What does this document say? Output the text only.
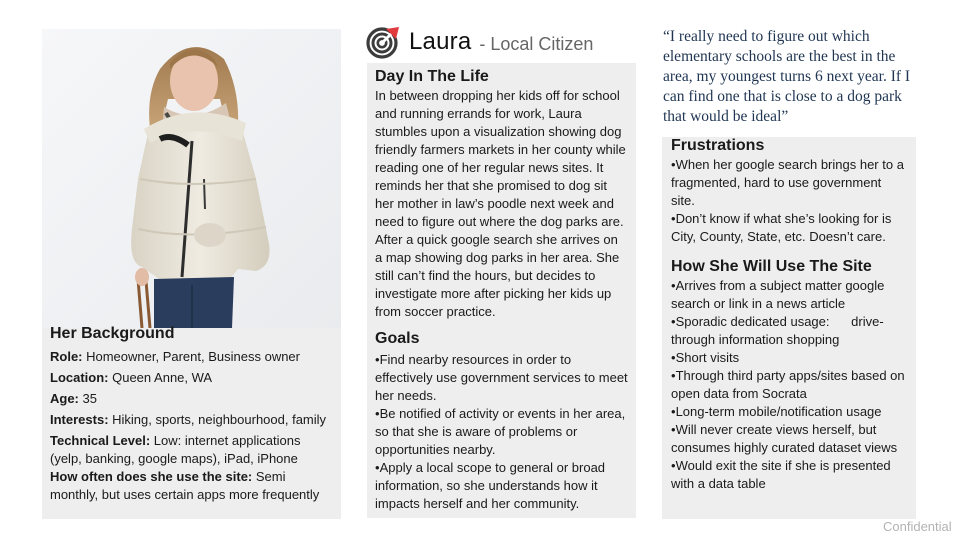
Her Background
Role: Homeowner, Parent, Business owner
Location: Queen Anne, WA
Age: 35
Interests: Hiking, sports, neighbourhood, family
Technical Level: Low: internet applications (yelp, banking, google maps), iPad, iPhone
How often does she use the site: Semi monthly, but uses certain apps more frequently
Laura - Local Citizen
Day In The Life

In between dropping her kids off for school and running errands for work, Laura stumbles upon a visualization showing dog friendly farmers markets in her county while reading one of her regular news sites. It reminds her that she promised to dog sit her mother in law’s poodle next week and need to figure out where the dog parks are. After a quick google search she arrives on a map showing dog parks in her area. She still can’t find the hours, but decides to investigate more after picking her kids up from soccer practice.

Goals
• Find nearby resources in order to effectively use government services to meet her needs.
• Be notified of activity or events in her area, so that she is aware of problems or opportunities nearby.
• Apply a local scope to general or broad information, so she understands how it impacts herself and her community.

“I really need to figure out which elementary schools are the best in the area, my youngest turns 6 next year. If I can find one that is close to a dog park that would be ideal”

Frustrations
• When her google search brings her to a fragmented, hard to use government site.
• Don’t know if what she’s looking for is City, County, State, etc. Doesn’t care.
How She Will Use The Site
• Arrives from a subject matter google search or link in a news article
• Sporadic dedicated usage:      drive-through information shopping
• Short visits
• Through third party apps/sites based on open data from Socrata
• Long-term mobile/notification usage
• Will never create views herself, but consumes highly curated dataset views
• Would exit the site if she is presented with a data table
Confidential
